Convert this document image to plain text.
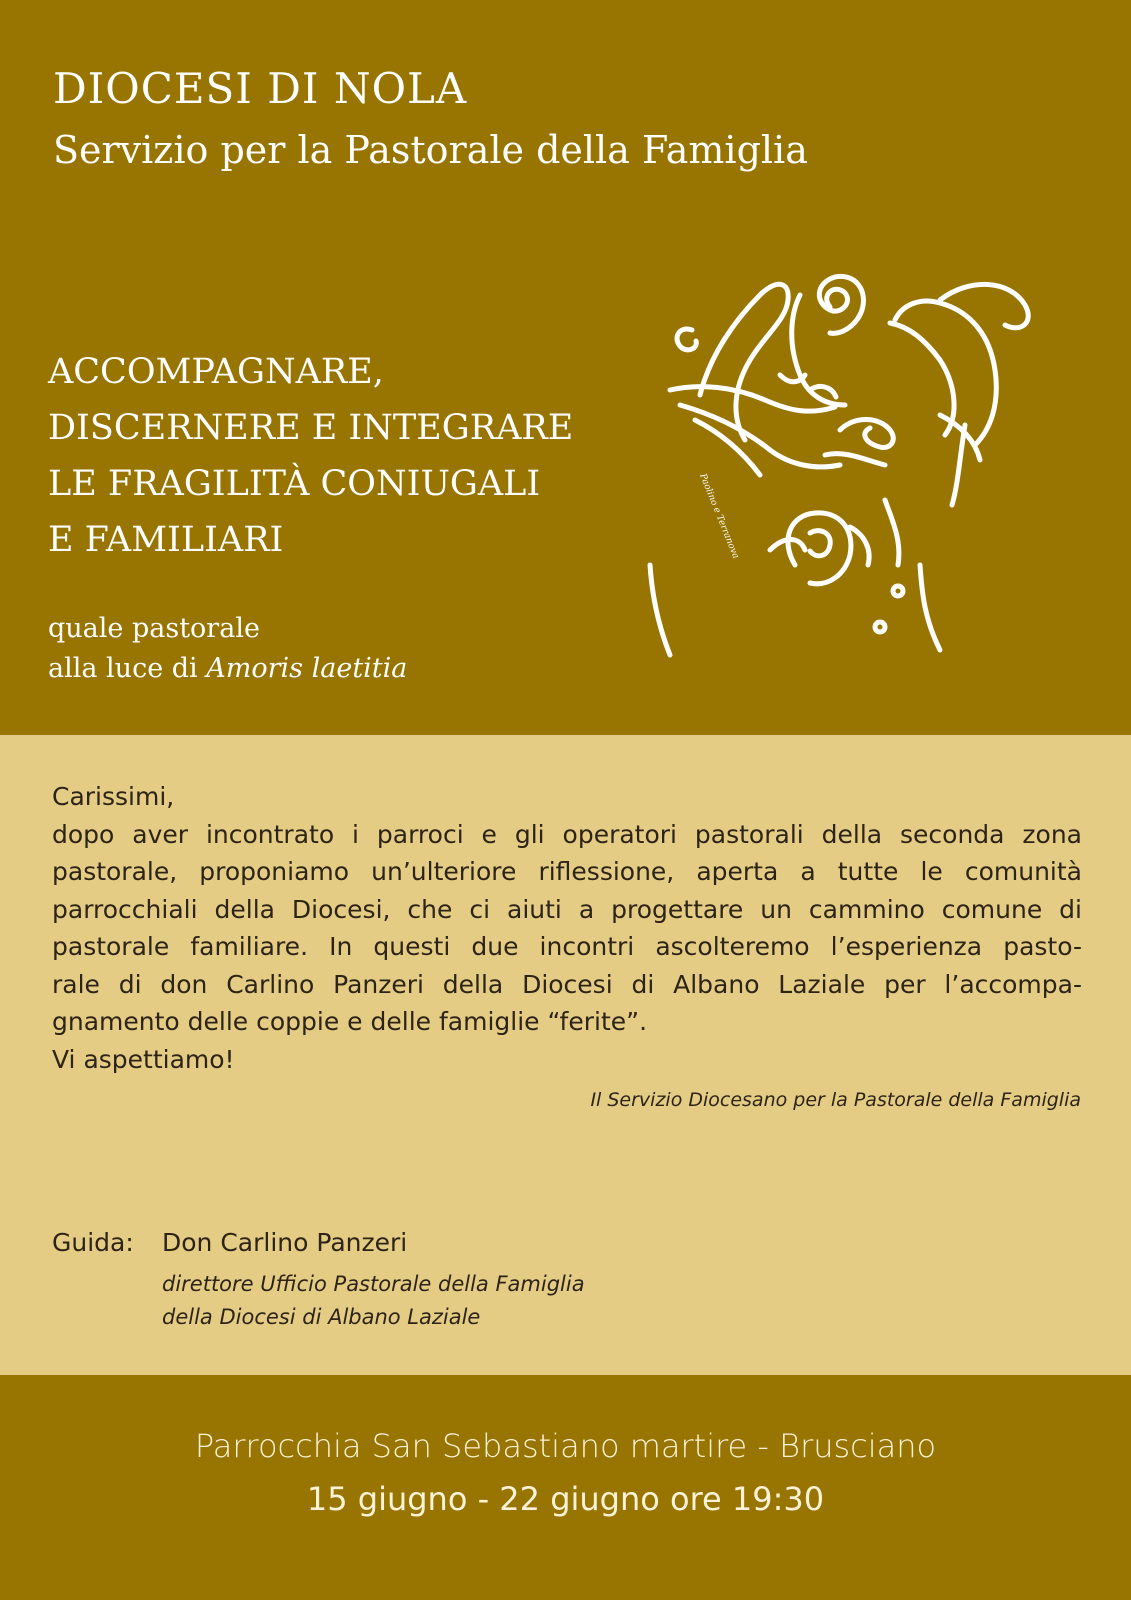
DIOCESI DI NOLA
Servizio per la Pastorale della Famiglia
ACCOMPAGNARE,
DISCERNERE E INTEGRARE
LE FRAGILITÀ CONIUGALI
E FAMILIARI
quale pastorale
alla luce di Amoris laetitia
Paolino e Terranova
Carissimi,
dopo aver incontrato i parroci e gli operatori pastorali della seconda zona
pastorale, proponiamo un’ulteriore riflessione, aperta a tutte le comunità
parrocchiali della Diocesi, che ci aiuti a progettare un cammino comune di
pastorale familiare. In questi due incontri ascolteremo l’esperienza pasto-
rale di don Carlino Panzeri della Diocesi di Albano Laziale per l’accompa-
gnamento delle coppie e delle famiglie “ferite”.
Vi aspettiamo!
Il Servizio Diocesano per la Pastorale della Famiglia
Guida: Don Carlino Panzeri
direttore Ufficio Pastorale della Famiglia
della Diocesi di Albano Laziale
Parrocchia San Sebastiano martire - Brusciano
15 giugno - 22 giugno ore 19:30
